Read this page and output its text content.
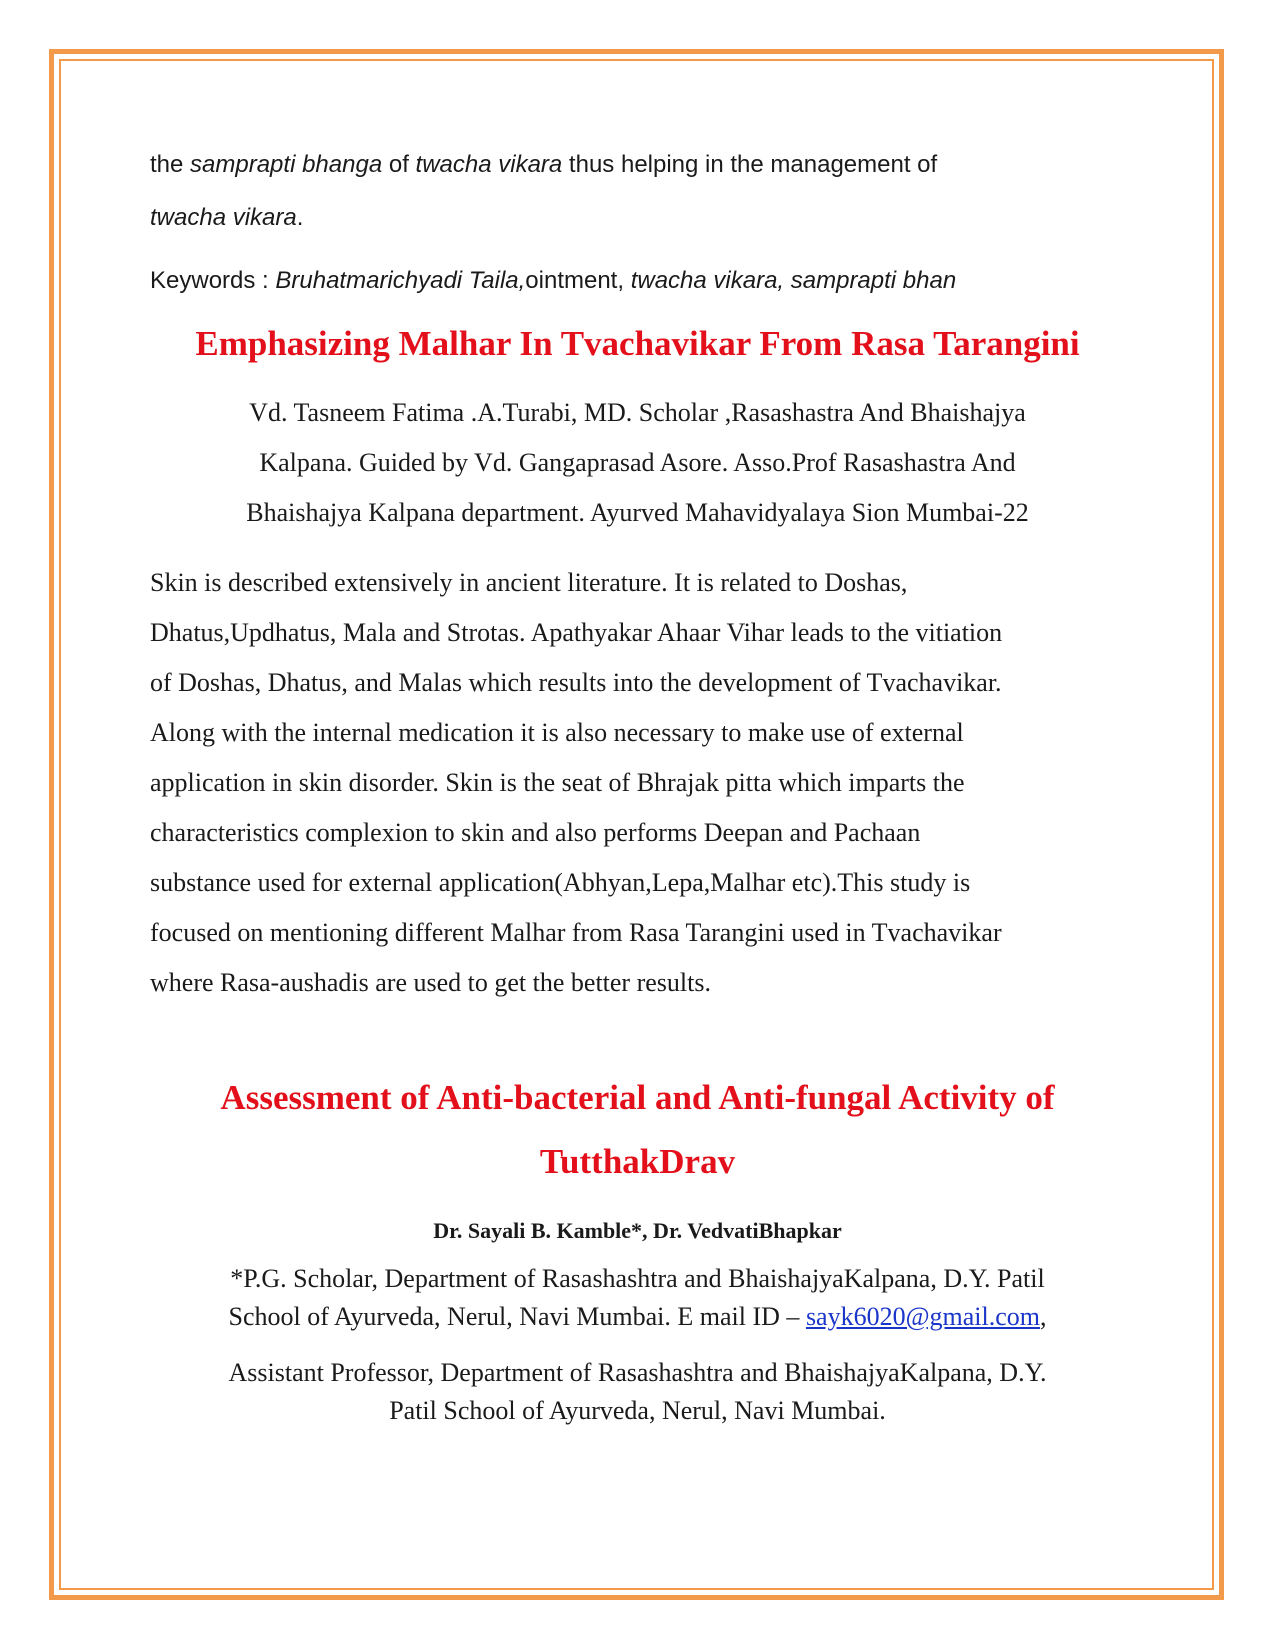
the samprapti bhanga of twacha vikara thus helping in the management of
twacha vikara.

Keywords : Bruhatmarichyadi Taila,ointment, twacha vikara, samprapti bhan

Emphasizing Malhar In Tvachavikar From Rasa Tarangini

Vd. Tasneem Fatima .A.Turabi, MD. Scholar ,Rasashastra And Bhaishajya
Kalpana. Guided by Vd. Gangaprasad Asore. Asso.Prof Rasashastra And
Bhaishajya Kalpana department. Ayurved Mahavidyalaya Sion Mumbai-22

Skin is described extensively in ancient literature. It is related to Doshas,
Dhatus,Updhatus, Mala and Strotas. Apathyakar Ahaar Vihar leads to the vitiation
of Doshas, Dhatus, and Malas which results into the development of Tvachavikar.
Along with the internal medication it is also necessary to make use of external
application in skin disorder. Skin is the seat of Bhrajak pitta which imparts the
characteristics complexion to skin and also performs Deepan and Pachaan
substance used for external application(Abhyan,Lepa,Malhar etc).This study is
focused on mentioning different Malhar from Rasa Tarangini used in Tvachavikar
where Rasa-aushadis are used to get the better results.

Assessment of Anti-bacterial and Anti-fungal Activity of
TutthakDrav

Dr. Sayali B. Kamble*, Dr. VedvatiBhapkar

*P.G. Scholar, Department of Rasashashtra and BhaishajyaKalpana, D.Y. Patil
School of Ayurveda, Nerul, Navi Mumbai. E mail ID – sayk6020@gmail.com,

Assistant Professor, Department of Rasashashtra and BhaishajyaKalpana, D.Y.
Patil School of Ayurveda, Nerul, Navi Mumbai.
